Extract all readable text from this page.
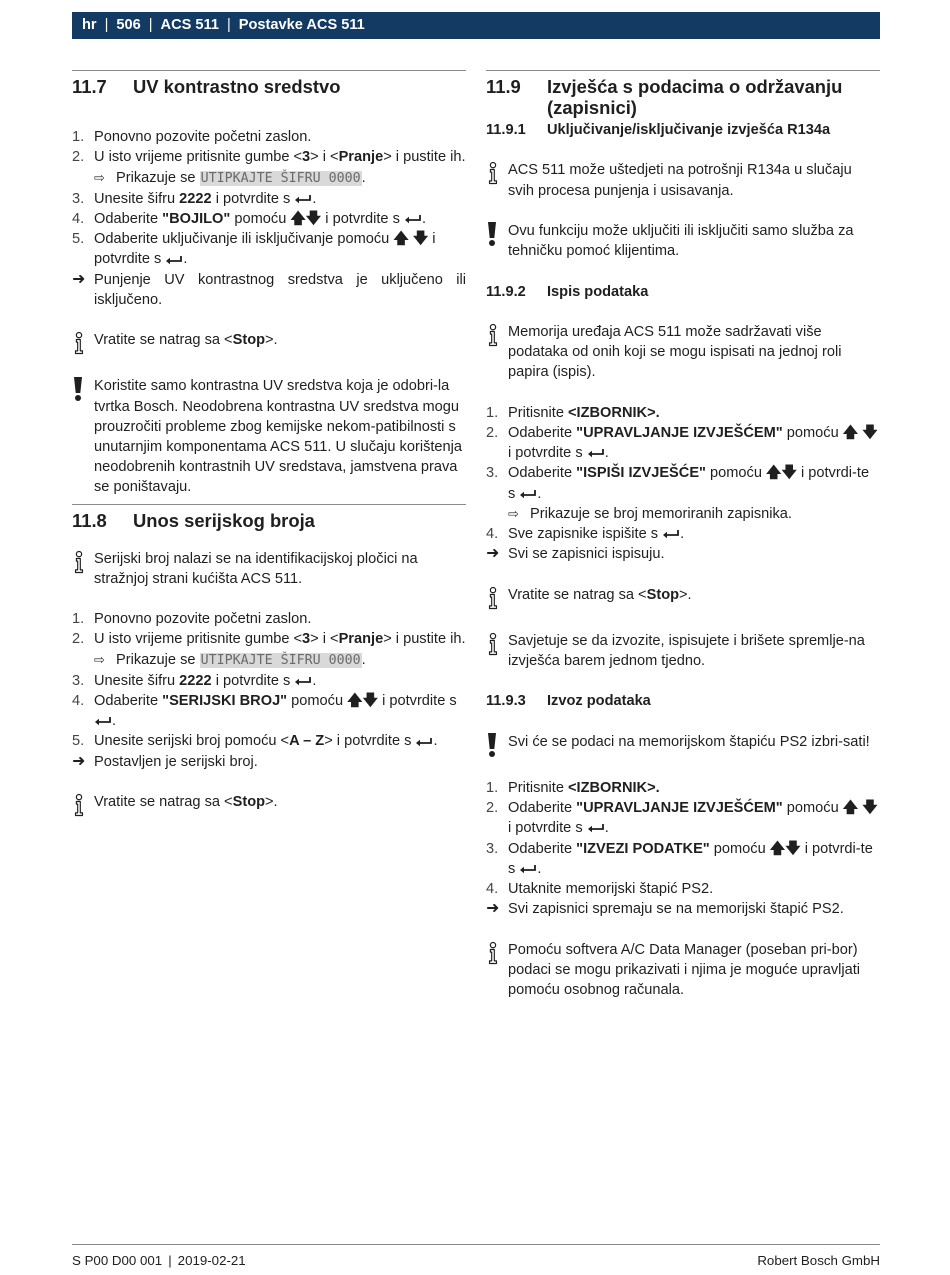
hr | 506 | ACS 511 | Postavke ACS 511
11.7	UV kontrastno sredstvo
1. Ponovno pozovite početni zaslon.
2. U isto vrijeme pritisnite gumbe <3> i <Pranje> i pustite ih.
⇨ Prikazuje se UTIPKAJTE ŠIFRU 0000.
3. Unesite šifru 2222 i potvrdite s .
4. Odaberite "BOJILO" pomoću 🡅🡇 i potvrdite s .
5. Odaberite uključivanje ili isključivanje pomoću 🡅 🡇 i potvrdite s .
➜ Punjenje UV kontrastnog sredstva je uključeno ili isključeno.
Vratite se natrag sa <Stop>.
Koristite samo kontrastna UV sredstva koja je odobri-la tvrtka Bosch. Neodobrena kontrastna UV sredstva mogu prouzročiti probleme zbog kemijske nekom-patibilnosti s unutarnjim komponentama ACS 511. U slučaju korištenja neodobrenih kontrastnih UV sredstava, jamstvena prava se poništavaju.
11.8	Unos serijskog broja
Serijski broj nalazi se na identifikacijskoj pločici na stražnjoj strani kućišta ACS 511.
1. Ponovno pozovite početni zaslon.
2. U isto vrijeme pritisnite gumbe <3> i <Pranje> i pustite ih.
⇨ Prikazuje se UTIPKAJTE ŠIFRU 0000.
3. Unesite šifru 2222 i potvrdite s .
4. Odaberite "SERIJSKI BROJ" pomoću 🡅🡇 i potvrdite s .
5. Unesite serijski broj pomoću <A – Z> i potvrdite s .
➜ Postavljen je serijski broj.
Vratite se natrag sa <Stop>.
11.9	Izvješća s podacima o održavanju (zapisnici)
11.9.1	Uključivanje/isključivanje izvješća R134a
ACS 511 može uštedjeti na potrošnji R134a u slučaju svih procesa punjenja i usisavanja.
Ovu funkciju može uključiti ili isključiti samo služba za tehničku pomoć klijentima.
11.9.2	Ispis podataka
Memorija uređaja ACS 511 može sadržavati više podataka od onih koji se mogu ispisati na jednoj roli papira (ispis).
1. Pritisnite <IZBORNIK>.
2. Odaberite "UPRAVLJANJE IZVJEŠĆEM" pomoću 🡅 🡇 i potvrdite s .
3. Odaberite "ISPIŠI IZVJEŠĆE" pomoću 🡅🡇 i potvrdi-te s .
⇨ Prikazuje se broj memoriranih zapisnika.
4. Sve zapisnike ispišite s .
➜ Svi se zapisnici ispisuju.
Vratite se natrag sa <Stop>.
Savjetuje se da izvozite, ispisujete i brišete spremlje-na izvješća barem jednom tjedno.
11.9.3	Izvoz podataka
Svi će se podaci na memorijskom štapiću PS2 izbri-sati!
1. Pritisnite <IZBORNIK>.
2. Odaberite "UPRAVLJANJE IZVJEŠĆEM" pomoću 🡅 🡇 i potvrdite s .
3. Odaberite "IZVEZI PODATKE" pomoću 🡅🡇 i potvrdi-te s .
4. Utaknite memorijski štapić PS2.
➜ Svi zapisnici spremaju se na memorijski štapić PS2.
Pomoću softvera A/C Data Manager (poseban pri-bor) podaci se mogu prikazivati i njima je moguće upravljati pomoću osobnog računala.
S P00 D00 001 | 2019-02-21	Robert Bosch GmbH
